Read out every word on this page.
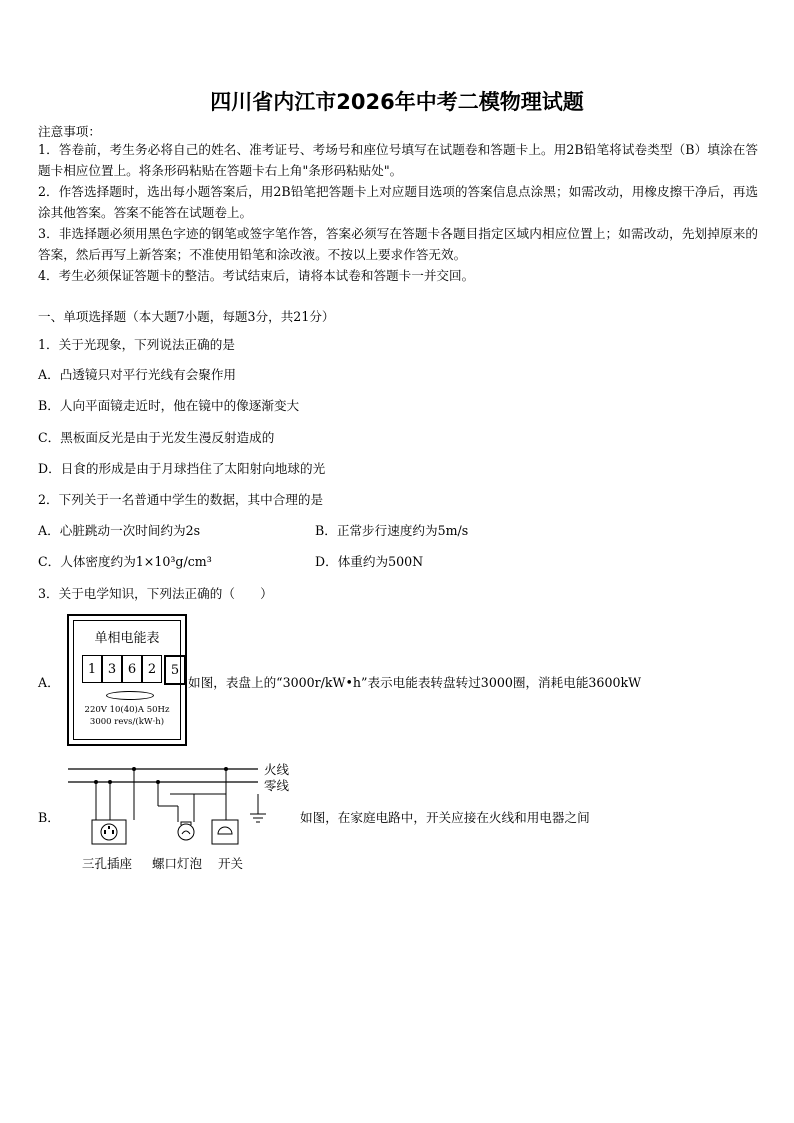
四川省内江市2026年中考二模物理试题

注意事项：

1．答卷前，考生务必将自己的姓名、准考证号、考场号和座位号填写在试题卷和答题卡上。用2B铅笔将试卷类型（B）填涂在答题卡相应位置上。将条形码粘贴在答题卡右上角"条形码粘贴处"。

2．作答选择题时，选出每小题答案后，用2B铅笔把答题卡上对应题目选项的答案信息点涂黑；如需改动，用橡皮擦干净后，再选涂其他答案。答案不能答在试题卷上。

3．非选择题必须用黑色字迹的钢笔或签字笔作答，答案必须写在答题卡各题目指定区域内相应位置上；如需改动，先划掉原来的答案，然后再写上新答案；不准使用铅笔和涂改液。不按以上要求作答无效。

4．考生必须保证答题卡的整洁。考试结束后，请将本试卷和答题卡一并交回。

一、单项选择题（本大题7小题，每题3分，共21分）
1．关于光现象，下列说法正确的是
A．凸透镜只对平行光线有会聚作用
B．人向平面镜走近时，他在镜中的像逐渐变大
C．黑板面反光是由于光发生漫反射造成的
D．日食的形成是由于月球挡住了太阳射向地球的光
2．下列关于一名普通中学生的数据，其中合理的是
A．心脏跳动一次时间约为2s	B．正常步行速度约为5m/s
C．人体密度约为1×10³g/cm³	D．体重约为500N
3．关于电学知识，下列法正确的（　　）
A．
单相电能表
1 3 6 2	5
220V 10(40)A 50Hz
3000 revs/(kW·h)
如图，表盘上的“3000r/kW•h”表示电能表转盘转过3000圈，消耗电能3600kW
B．
火线
零线
三孔插座 螺口灯泡 开关
如图，在家庭电路中，开关应接在火线和用电器之间
